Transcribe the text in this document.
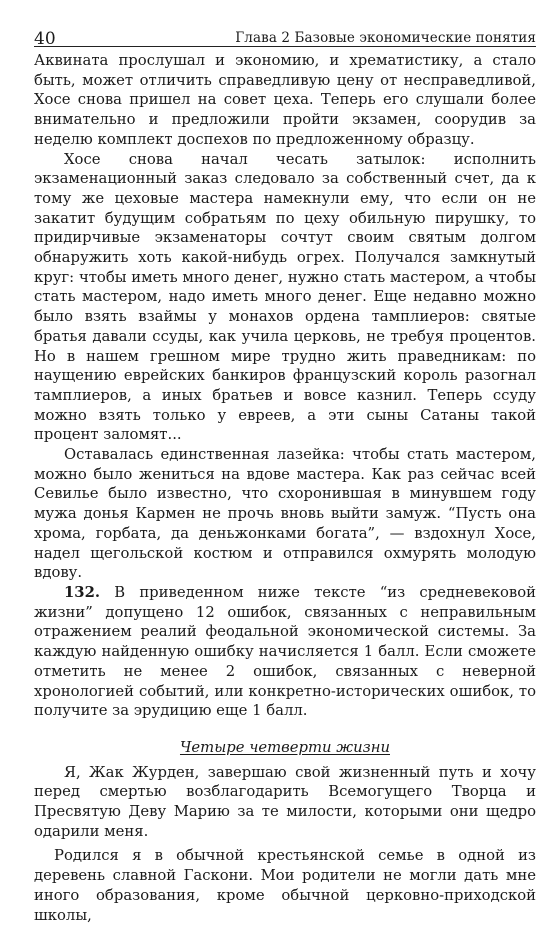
40	Глава 2 Базовые экономические понятия

Аквината прослушал и экономию, и хрематистику, а стало быть, может отличить справедливую цену от несправедливой, Хосе снова пришел на совет цеха. Теперь его слушали более внимательно и предложили пройти экзамен, соорудив за неделю комплект доспехов по предложенному образцу.

Хосе снова начал чесать затылок: исполнить экзаменационный заказ следовало за собственный счет, да к тому же цеховые мастера намекнули ему, что если он не закатит будущим собратьям по цеху обильную пирушку, то придирчивые экзаменаторы сочтут своим святым долгом обнаружить хоть какой-нибудь огрех. Получался замкнутый круг: чтобы иметь много денег, нужно стать мастером, а чтобы стать мастером, надо иметь много денег. Еще недавно можно было взять взаймы у монахов ордена тамплиеров: святые братья давали ссуды, как учила церковь, не требуя процентов. Но в нашем грешном мире трудно жить праведникам: по наущению еврейских банкиров французский король разогнал тамплиеров, а иных братьев и вовсе казнил. Теперь ссуду можно взять только у евреев, а эти сыны Сатаны такой процент заломят...

Оставалась единственная лазейка: чтобы стать мастером, можно было жениться на вдове мастера. Как раз сейчас всей Севилье было известно, что схоронившая в минувшем году мужа донья Кармен не прочь вновь выйти замуж. “Пусть она хрома, горбата, да деньжонками богата”, — вздохнул Хосе, надел щегольской костюм и отправился охмурять молодую вдову.

132. В приведенном ниже тексте “из средневековой жизни” допущено 12 ошибок, связанных с неправильным отражением реалий феодальной экономической системы. За каждую найденную ошибку начисляется 1 балл. Если сможете отметить не менее 2 ошибок, связанных с неверной хронологией событий, или конкретно-исторических ошибок, то получите за эрудицию еще 1 балл.

Четыре четверти жизни

Я, Жак Журден, завершаю свой жизненный путь и хочу перед смертью возблагодарить Всемогущего Творца и Пресвятую Деву Марию за те милости, которыми они щедро одарили меня.

Родился я в обычной крестьянской семье в одной из деревень славной Гаскони. Мои родители не могли дать мне иного образования, кроме обычной церковно-приходской школы,
